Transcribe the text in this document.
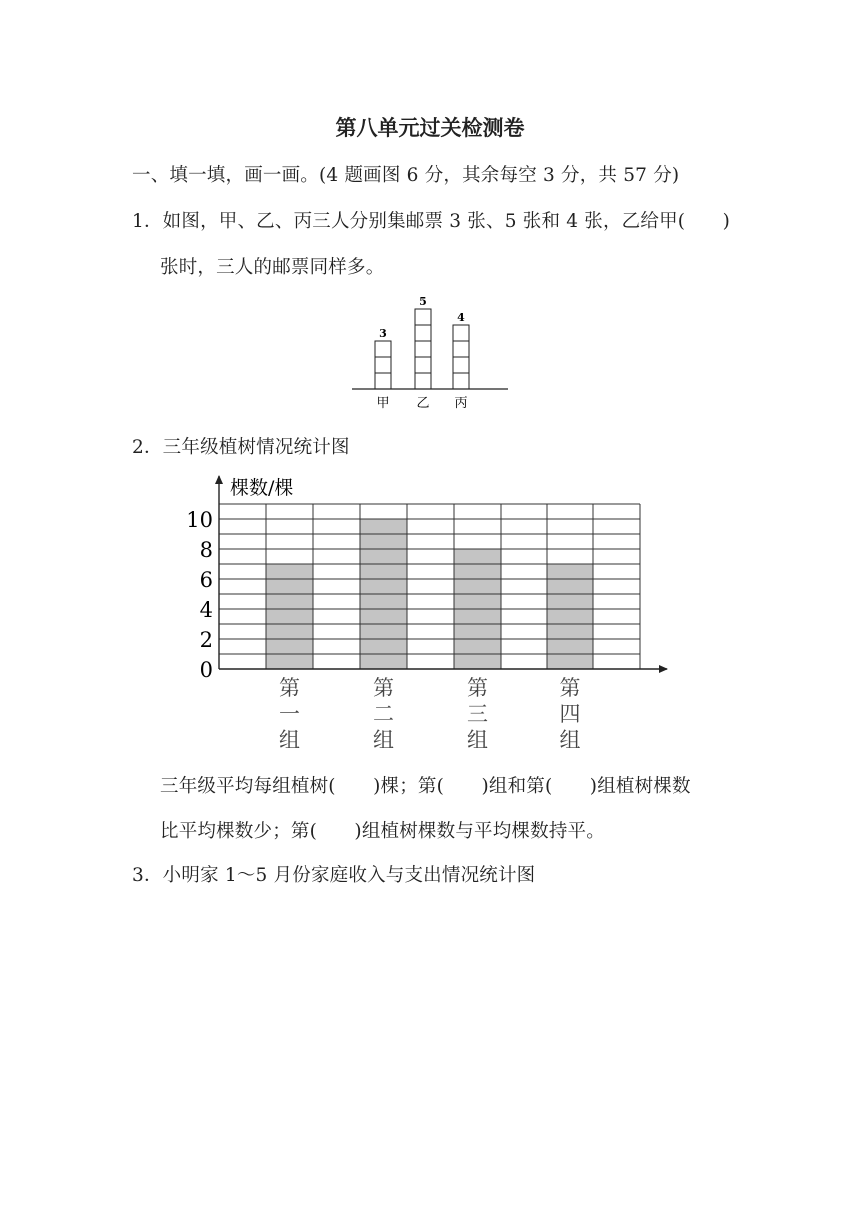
第八单元过关检测卷
一、填一填，画一画。(4 题画图 6 分，其余每空 3 分，共 57 分)
1．如图，甲、乙、丙三人分别集邮票 3 张、5 张和 4 张，乙给甲(　　)
张时，三人的邮票同样多。
3
甲
5
乙
4
丙
2．三年级植树情况统计图
棵数/棵
0
2
4
6
8
10
第
一
组
第
二
组
第
三
组
第
四
组
三年级平均每组植树(　　)棵；第(　　)组和第(　　)组植树棵数
比平均棵数少；第(　　)组植树棵数与平均棵数持平。
3．小明家 1～5 月份家庭收入与支出情况统计图
